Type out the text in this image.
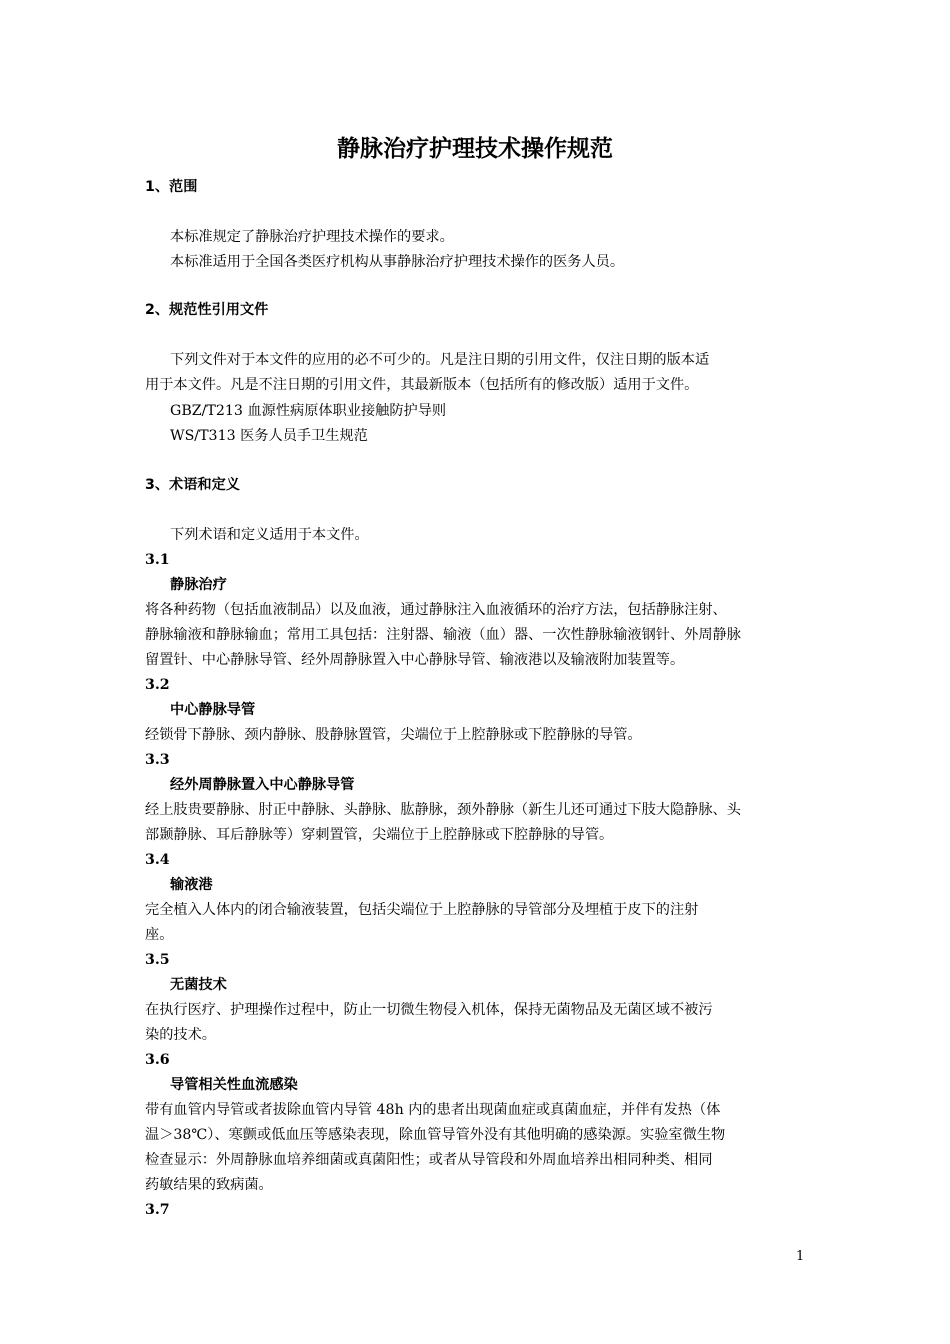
静脉治疗护理技术操作规范
1、范围
本标准规定了静脉治疗护理技术操作的要求。
本标准适用于全国各类医疗机构从事静脉治疗护理技术操作的医务人员。
2、规范性引用文件
下列文件对于本文件的应用的必不可少的。凡是注日期的引用文件，仅注日期的版本适
用于本文件。凡是不注日期的引用文件，其最新版本（包括所有的修改版）适用于文件。
GBZ/T213 血源性病原体职业接触防护导则
WS/T313 医务人员手卫生规范
3、术语和定义
下列术语和定义适用于本文件。
3.1
静脉治疗
将各种药物（包括血液制品）以及血液，通过静脉注入血液循环的治疗方法，包括静脉注射、
静脉输液和静脉输血；常用工具包括：注射器、输液（血）器、一次性静脉输液钢针、外周静脉
留置针、中心静脉导管、经外周静脉置入中心静脉导管、输液港以及输液附加装置等。
3.2
中心静脉导管
经锁骨下静脉、颈内静脉、股静脉置管，尖端位于上腔静脉或下腔静脉的导管。
3.3
经外周静脉置入中心静脉导管
经上肢贵要静脉、肘正中静脉、头静脉、肱静脉，颈外静脉（新生儿还可通过下肢大隐静脉、头
部颞静脉、耳后静脉等）穿刺置管，尖端位于上腔静脉或下腔静脉的导管。
3.4
输液港
完全植入人体内的闭合输液装置，包括尖端位于上腔静脉的导管部分及埋植于皮下的注射
座。
3.5
无菌技术
在执行医疗、护理操作过程中，防止一切微生物侵入机体，保持无菌物品及无菌区域不被污
染的技术。
3.6
导管相关性血流感染
带有血管内导管或者拔除血管内导管 48h 内的患者出现菌血症或真菌血症，并伴有发热（体
温＞38℃）、寒颤或低血压等感染表现，除血管导管外没有其他明确的感染源。实验室微生物
检查显示：外周静脉血培养细菌或真菌阳性；或者从导管段和外周血培养出相同种类、相同
药敏结果的致病菌。
3.7
1
